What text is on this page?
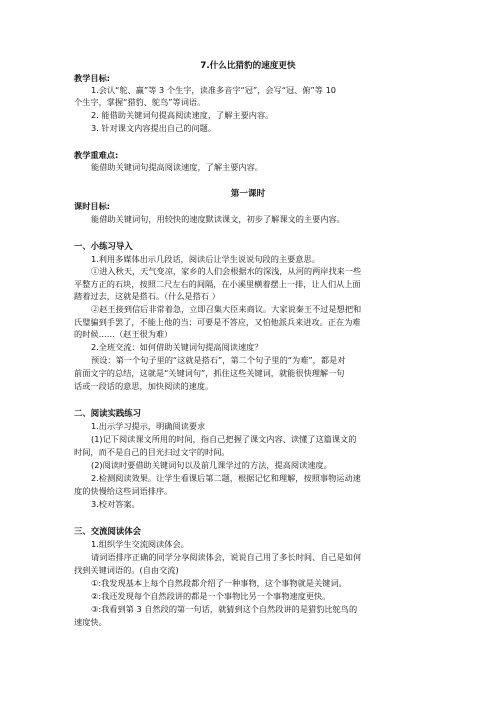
7.什么比猎豹的速度更快
教学目标:
1.会认“鸵、赢”等 3 个生字，读准多音字“冠”，会写“冠、俯”等 10
个生字，掌握“猎豹、鸵鸟”等词语。
2. 能借助关键词句提高阅读速度，了解主要内容。
3. 针对课文内容提出自己的问题。
教学重难点:
能借助关键词句提高阅读速度，了解主要内容。
第一课时
课时目标:
能借助关键词句，用较快的速度默读课文，初步了解课文的主要内容。
一、小练习导入
1.利用多媒体出示几段话，阅读后让学生说说句段的主要意思。
①进入秋天，天气变凉，家乡的人们会根据水的深浅，从河的两岸找来一些
平整方正的石块，按照二尺左右的间隔，在小溪里横着摆上一排，让人们从上面
踏着过去，这就是搭石。（什么是搭石 ）
②赵王接到信后非常着急，立即召集大臣来商议。大家说秦王不过是想把和
氏璧骗到手罢了，不能上他的当；可要是不答应，又怕他派兵来进攻。正在为难
的时候……（赵王很为难）
2.全班交流：如何借助关键词句提高阅读速度？
预设：第一个句子里的“这就是搭石”，第二个句子里的“为难”，都是对
前面文字的总结，这就是“关键词句”，抓住这些关键词，就能很快理解一句
话或一段话的意思，加快阅读的速度。
二、阅读实践练习
1.出示学习提示，明确阅读要求
(1)记下阅读课文所用的时间，指自己把握了课文内容、读懂了这篇课文的
时间，而不是自己的目光扫过文字的时间。
(2)阅读时要借助关键词句以及前几课学过的方法，提高阅读速度。
2.检测阅读效果。让学生看课后第二题，根据记忆和理解，按照事物运动速
度的快慢给这些词语排序。
3.校对答案。
三、交流阅读体会
1.组织学生交流阅读体会。
请词语排序正确的同学分享阅读体会，说说自己用了多长时间、自己是如何
找到关键词语的。(自由交流)
①:我发现基本上每个自然段都介绍了一种事物，这个事物就是关键词。
②:我还发现每个自然段讲的都是一个事物比另一个事物速度更快。
③:我看到第 3 自然段的第一句话，就猜到这个自然段讲的是猎豹比鸵鸟的
速度快。
